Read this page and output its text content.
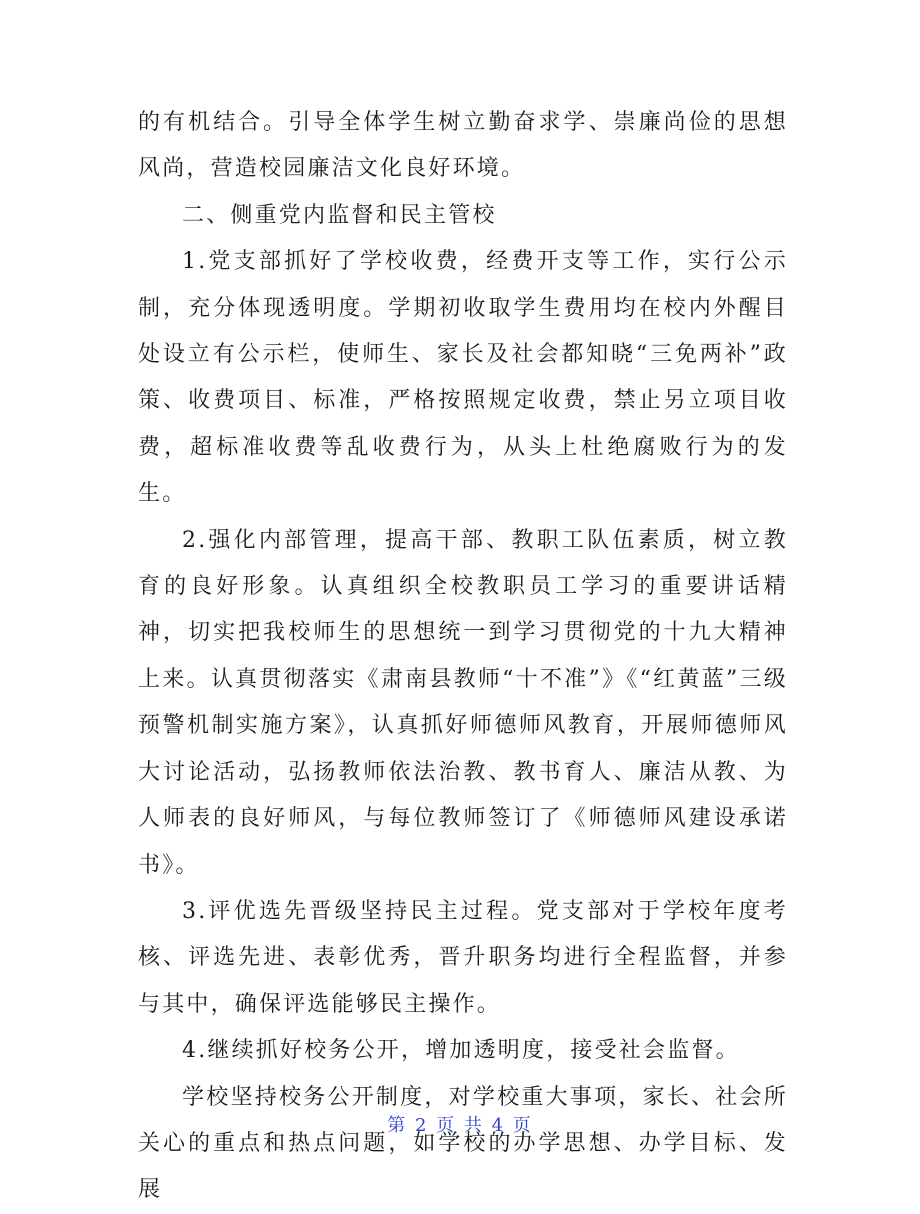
的有机结合。引导全体学生树立勤奋求学、崇廉尚俭的思想风尚，营造校园廉洁文化良好环境。

二、侧重党内监督和民主管校

1.党支部抓好了学校收费，经费开支等工作，实行公示制，充分体现透明度。学期初收取学生费用均在校内外醒目处设立有公示栏，使师生、家长及社会都知晓“三免两补”政策、收费项目、标准，严格按照规定收费，禁止另立项目收费，超标准收费等乱收费行为，从头上杜绝腐败行为的发生。

2.强化内部管理，提高干部、教职工队伍素质，树立教育的良好形象。认真组织全校教职员工学习的重要讲话精神，切实把我校师生的思想统一到学习贯彻党的十九大精神上来。认真贯彻落实《肃南县教师“十不准”》《“红黄蓝”三级预警机制实施方案》，认真抓好师德师风教育，开展师德师风大讨论活动，弘扬教师依法治教、教书育人、廉洁从教、为人师表的良好师风，与每位教师签订了《师德师风建设承诺书》。

3.评优选先晋级坚持民主过程。党支部对于学校年度考核、评选先进、表彰优秀，晋升职务均进行全程监督，并参与其中，确保评选能够民主操作。

4.继续抓好校务公开，增加透明度，接受社会监督。

学校坚持校务公开制度，对学校重大事项，家长、社会所关心的重点和热点问题，如学校的办学思想、办学目标、发展

第 2 页 共 4 页
